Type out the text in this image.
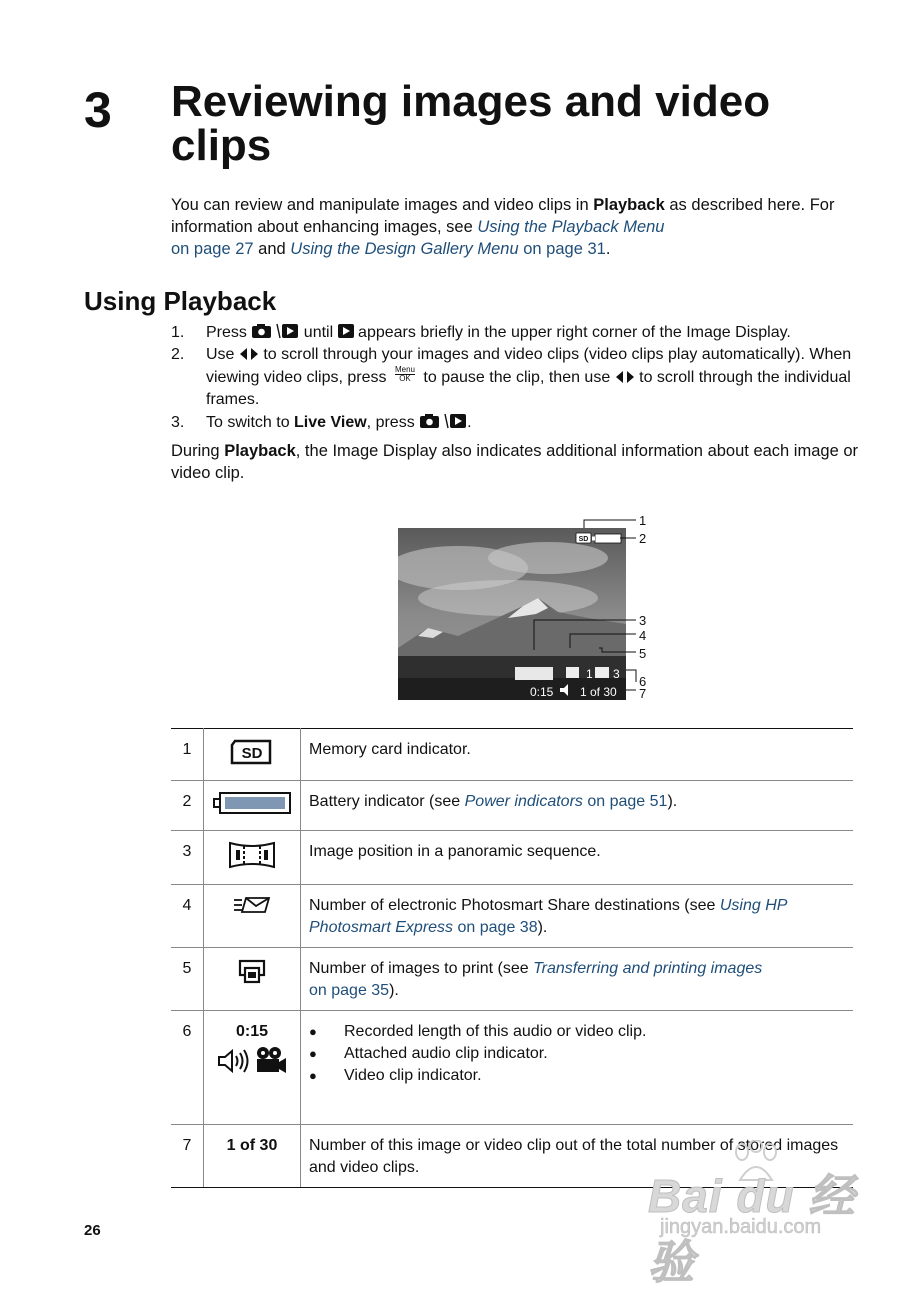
3 Reviewing images and video clips
You can review and manipulate images and video clips in Playback as described here. For information about enhancing images, see Using the Playback Menu
on page 27 and Using the Design Gallery Menu on page 31.
Using Playback
1. Press	until  appears briefly in the upper right corner of the Image Display.
2. Use  to scroll through your images and video clips (video clips play automatically). When viewing video clips, press Menu
OK to pause the clip, then use  to scroll through the individual frames.
3. To switch to Live View, press	.
During Playback, the Image Display also indicates additional information about each image or video clip.
SD
1 3
0:15 1 of 30
1
2
3
4
5
6
7
1	SD	Memory card indicator.
2		Battery indicator (see Power indicators on page 51).
3		Image position in a panoramic sequence.
4		Number of electronic Photosmart Share destinations (see Using HP Photosmart Express on page 38).
5		Number of images to print (see Transferring and printing images
on page 35).
6	0:15	● Recorded length of this audio or video clip.
● Attached audio clip indicator.
● Video clip indicator.

7	1 of 30	Number of this image or video clip out of the total number of stored images and video clips.
26
Bai du 经验
jingyan.baidu.com
